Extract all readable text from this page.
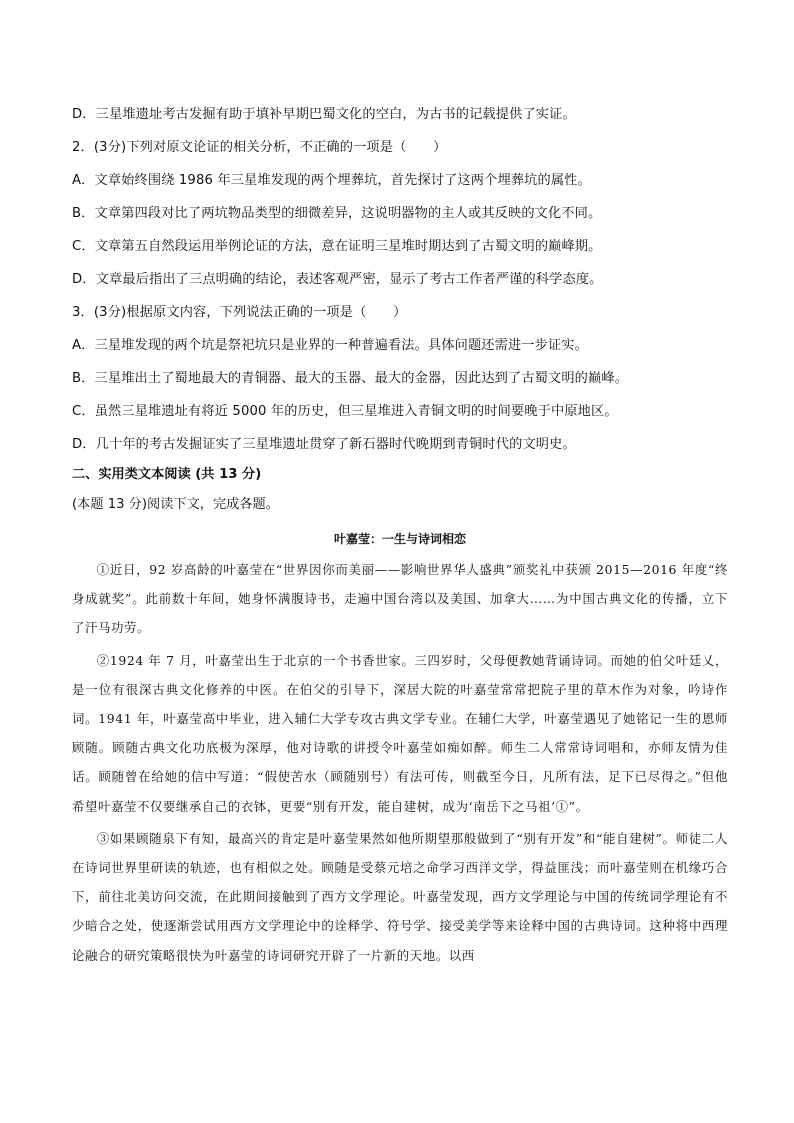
D．三星堆遗址考古发掘有助于填补早期巴蜀文化的空白，为古书的记载提供了实证。
2．(3分)下列对原文论证的相关分析，不正确的一项是（　　）
A．文章始终围绕 1986 年三星堆发现的两个埋葬坑，首先探讨了这两个埋葬坑的属性。
B．文章第四段对比了两坑物品类型的细微差异，这说明器物的主人或其反映的文化不同。
C．文章第五自然段运用举例论证的方法，意在证明三星堆时期达到了古蜀文明的巅峰期。
D．文章最后指出了三点明确的结论，表述客观严密，显示了考古工作者严谨的科学态度。
3．(3分)根据原文内容，下列说法正确的一项是（　　）
A．三星堆发现的两个坑是祭祀坑只是业界的一种普遍看法。具体问题还需进一步证实。
B．三星堆出土了蜀地最大的青铜器、最大的玉器、最大的金器，因此达到了古蜀文明的巅峰。
C．虽然三星堆遗址有将近 5000 年的历史，但三星堆进入青铜文明的时间要晚于中原地区。
D．几十年的考古发掘证实了三星堆遗址贯穿了新石器时代晚期到青铜时代的文明史。
二、实用类文本阅读 (共 13 分)
(本题 13 分)阅读下文，完成各题。
叶嘉莹：一生与诗词相恋

①近日，92 岁高龄的叶嘉莹在“世界因你而美丽——影响世界华人盛典”颁奖礼中获颁 2015—2016 年度“终身成就奖”。此前数十年间，她身怀满腹诗书，走遍中国台湾以及美国、加拿大……为中国古典文化的传播，立下了汗马功劳。

②1924 年 7 月，叶嘉莹出生于北京的一个书香世家。三四岁时，父母便教她背诵诗词。而她的伯父叶廷乂，是一位有很深古典文化修养的中医。在伯父的引导下，深居大院的叶嘉莹常常把院子里的草木作为对象，吟诗作词。1941 年，叶嘉莹高中毕业，进入辅仁大学专攻古典文学专业。在辅仁大学，叶嘉莹遇见了她铭记一生的恩师顾随。顾随古典文化功底极为深厚，他对诗歌的讲授令叶嘉莹如痴如醉。师生二人常常诗词唱和，亦师友情为佳话。顾随曾在给她的信中写道：“假使苦水（顾随别号）有法可传，则截至今日，凡所有法，足下已尽得之。”但他希望叶嘉莹不仅要继承自己的衣钵，更要“别有开发，能自建树，成为‘南岳下之马祖’①”。

③如果顾随泉下有知，最高兴的肯定是叶嘉莹果然如他所期望那般做到了“别有开发”和“能自建树”。师徒二人在诗词世界里研读的轨迹，也有相似之处。顾随是受蔡元培之命学习西洋文学，得益匪浅；而叶嘉莹则在机缘巧合下，前往北美访问交流，在此期间接触到了西方文学理论。叶嘉莹发现，西方文学理论与中国的传统词学理论有不少暗合之处，使逐渐尝试用西方文学理论中的诠释学、符号学、接受美学等来诠释中国的古典诗词。这种将中西理论融合的研究策略很快为叶嘉莹的诗词研究开辟了一片新的天地。以西
